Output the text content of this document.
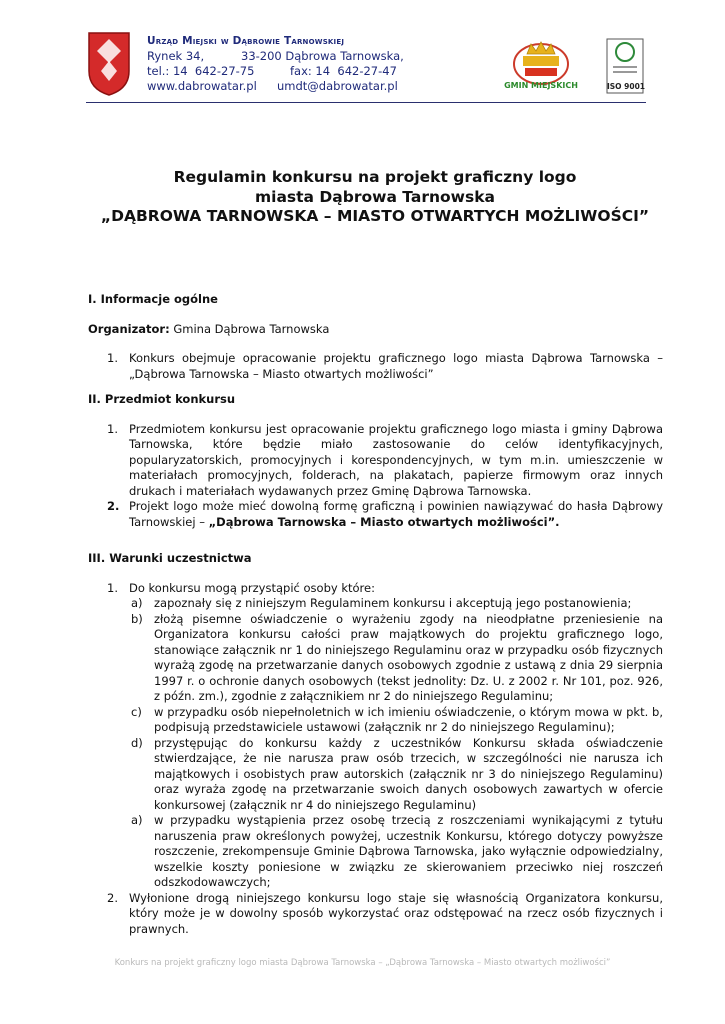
Urząd Miejski w Dąbrowie Tarnowskiej
Rynek 34,	33-200 Dąbrowa Tarnowska,
tel.: 14  642-27-75	fax: 14  642-27-47
www.dabrowatar.pl umdt@dabrowatar.pl	GMIN MIEJSKICH	ISO 9001
Regulamin konkursu na projekt graficzny logo
miasta Dąbrowa Tarnowska
„DĄBROWA TARNOWSKA – MIASTO OTWARTYCH MOŻLIWOŚCI”

I. Informacje ogólne

Organizator: Gmina Dąbrowa Tarnowska

1. Konkurs obejmuje opracowanie projektu graficznego logo miasta Dąbrowa Tarnowska – „Dąbrowa Tarnowska – Miasto otwartych możliwości”

II. Przedmiot konkursu

1. Przedmiotem konkursu jest opracowanie projektu graficznego logo miasta i gminy Dąbrowa Tarnowska, które będzie miało zastosowanie do celów identyfikacyjnych, popularyzatorskich, promocyjnych i korespondencyjnych, w tym m.in. umieszczenie w materiałach promocyjnych, folderach, na plakatach, papierze firmowym oraz innych drukach i materiałach wydawanych przez Gminę Dąbrowa Tarnowska.
2. Projekt logo może mieć dowolną formę graficzną i powinien nawiązywać do hasła Dąbrowy Tarnowskiej – „Dąbrowa Tarnowska – Miasto otwartych możliwości”.

III. Warunki uczestnictwa

1. Do konkursu mogą przystąpić osoby które:
a) zapoznały się z niniejszym Regulaminem konkursu i akceptują jego postanowienia;
b) złożą pisemne oświadczenie o wyrażeniu zgody na nieodpłatne przeniesienie na Organizatora konkursu całości praw majątkowych do projektu graficznego logo, stanowiące załącznik nr 1 do niniejszego Regulaminu oraz w przypadku osób fizycznych wyrażą zgodę na przetwarzanie danych osobowych zgodnie z ustawą z dnia 29 sierpnia 1997 r. o ochronie danych osobowych (tekst jednolity: Dz. U. z 2002 r. Nr 101, poz. 926, z późn. zm.), zgodnie z załącznikiem nr 2 do niniejszego Regulaminu;
c) w przypadku osób niepełnoletnich w ich imieniu oświadczenie, o którym mowa w pkt. b, podpisują przedstawiciele ustawowi (załącznik nr 2 do niniejszego Regulaminu);
d) przystępując do konkursu każdy z uczestników Konkursu składa oświadczenie stwierdzające, że nie narusza praw osób trzecich, w szczególności nie narusza ich majątkowych i osobistych praw autorskich (załącznik nr 3 do niniejszego Regulaminu) oraz wyraża zgodę na przetwarzanie swoich danych osobowych zawartych w ofercie konkursowej (załącznik nr 4 do niniejszego Regulaminu)
a) w przypadku wystąpienia przez osobę trzecią z roszczeniami wynikającymi z tytułu naruszenia praw określonych powyżej, uczestnik Konkursu, którego dotyczy powyższe roszczenie, zrekompensuje Gminie Dąbrowa Tarnowska, jako wyłącznie odpowiedzialny, wszelkie koszty poniesione w związku ze skierowaniem przeciwko niej roszczeń odszkodowawczych;
2. Wyłonione drogą niniejszego konkursu logo staje się własnością Organizatora konkursu, który może je w dowolny sposób wykorzystać oraz odstępować na rzecz osób fizycznych i prawnych.
Konkurs na projekt graficzny logo miasta Dąbrowa Tarnowska – „Dąbrowa Tarnowska – Miasto otwartych możliwości”
